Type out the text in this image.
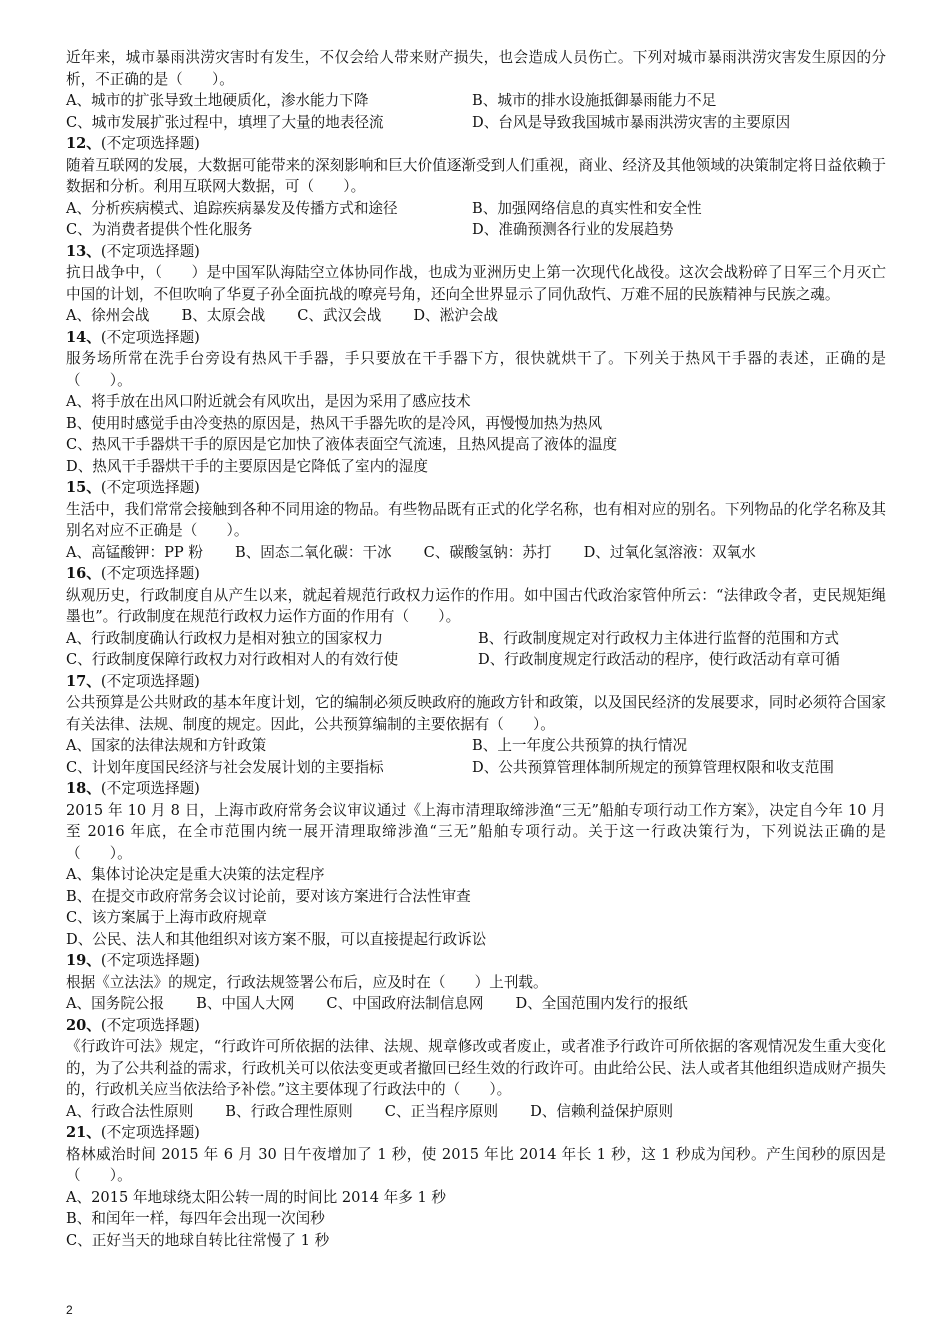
近年来，城市暴雨洪涝灾害时有发生，不仅会给人带来财产损失，也会造成人员伤亡。下列对城市暴雨洪涝灾害发生原因的分析，不正确的是（　　）。
A、城市的扩张导致土地硬质化，渗水能力下降	B、城市的排水设施抵御暴雨能力不足
C、城市发展扩张过程中，填埋了大量的地表径流	D、台风是导致我国城市暴雨洪涝灾害的主要原因
12、(不定项选择题)
随着互联网的发展，大数据可能带来的深刻影响和巨大价值逐渐受到人们重视，商业、经济及其他领域的决策制定将日益依赖于数据和分析。利用互联网大数据，可（　　）。
A、分析疾病模式、追踪疾病暴发及传播方式和途径	B、加强网络信息的真实性和安全性
C、为消费者提供个性化服务	D、准确预测各行业的发展趋势
13、(不定项选择题)
抗日战争中，（　　）是中国军队海陆空立体协同作战，也成为亚洲历史上第一次现代化战役。这次会战粉碎了日军三个月灭亡中国的计划，不但吹响了华夏子孙全面抗战的嘹亮号角，还向全世界显示了同仇敌忾、万难不屈的民族精神与民族之魂。
A、徐州会战 B、太原会战 C、武汉会战 D、淞沪会战
14、(不定项选择题)
服务场所常在洗手台旁设有热风干手器，手只要放在干手器下方，很快就烘干了。下列关于热风干手器的表述，正确的是（　　）。
A、将手放在出风口附近就会有风吹出，是因为采用了感应技术
B、使用时感觉手由冷变热的原因是，热风干手器先吹的是冷风，再慢慢加热为热风
C、热风干手器烘干手的原因是它加快了液体表面空气流速，且热风提高了液体的温度
D、热风干手器烘干手的主要原因是它降低了室内的湿度
15、(不定项选择题)
生活中，我们常常会接触到各种不同用途的物品。有些物品既有正式的化学名称，也有相对应的别名。下列物品的化学名称及其别名对应不正确是（　　）。
A、高锰酸钾：PP 粉 B、固态二氧化碳：干冰 C、碳酸氢钠：苏打 D、过氧化氢溶液：双氧水
16、(不定项选择题)
纵观历史，行政制度自从产生以来，就起着规范行政权力运作的作用。如中国古代政治家管仲所云：“法律政令者，吏民规矩绳墨也”。行政制度在规范行政权力运作方面的作用有（　　）。
A、行政制度确认行政权力是相对独立的国家权力	B、行政制度规定对行政权力主体进行监督的范围和方式
C、行政制度保障行政权力对行政相对人的有效行使	D、行政制度规定行政活动的程序，使行政活动有章可循
17、(不定项选择题)
公共预算是公共财政的基本年度计划，它的编制必须反映政府的施政方针和政策，以及国民经济的发展要求，同时必须符合国家有关法律、法规、制度的规定。因此，公共预算编制的主要依据有（　　）。
A、国家的法律法规和方针政策	B、上一年度公共预算的执行情况
C、计划年度国民经济与社会发展计划的主要指标	D、公共预算管理体制所规定的预算管理权限和收支范围
18、(不定项选择题)
2015 年 10 月 8 日，上海市政府常务会议审议通过《上海市清理取缔涉渔“三无”船舶专项行动工作方案》，决定自今年 10 月至 2016 年底，在全市范围内统一展开清理取缔涉渔“三无”船舶专项行动。关于这一行政决策行为，下列说法正确的是（　　）。
A、集体讨论决定是重大决策的法定程序
B、在提交市政府常务会议讨论前，要对该方案进行合法性审查
C、该方案属于上海市政府规章
D、公民、法人和其他组织对该方案不服，可以直接提起行政诉讼
19、(不定项选择题)
根据《立法法》的规定，行政法规签署公布后，应及时在（　　）上刊载。
A、国务院公报 B、中国人大网 C、中国政府法制信息网 D、全国范围内发行的报纸
20、(不定项选择题)
《行政许可法》规定，“行政许可所依据的法律、法规、规章修改或者废止，或者准予行政许可所依据的客观情况发生重大变化的，为了公共利益的需求，行政机关可以依法变更或者撤回已经生效的行政许可。由此给公民、法人或者其他组织造成财产损失的，行政机关应当依法给予补偿。”这主要体现了行政法中的（　　）。
A、行政合法性原则 B、行政合理性原则 C、正当程序原则 D、信赖利益保护原则
21、(不定项选择题)
格林威治时间 2015 年 6 月 30 日午夜增加了 1 秒，使 2015 年比 2014 年长 1 秒，这 1 秒成为闰秒。产生闰秒的原因是（　　）。
A、2015 年地球绕太阳公转一周的时间比 2014 年多 1 秒
B、和闰年一样，每四年会出现一次闰秒
C、正好当天的地球自转比往常慢了 1 秒
2
